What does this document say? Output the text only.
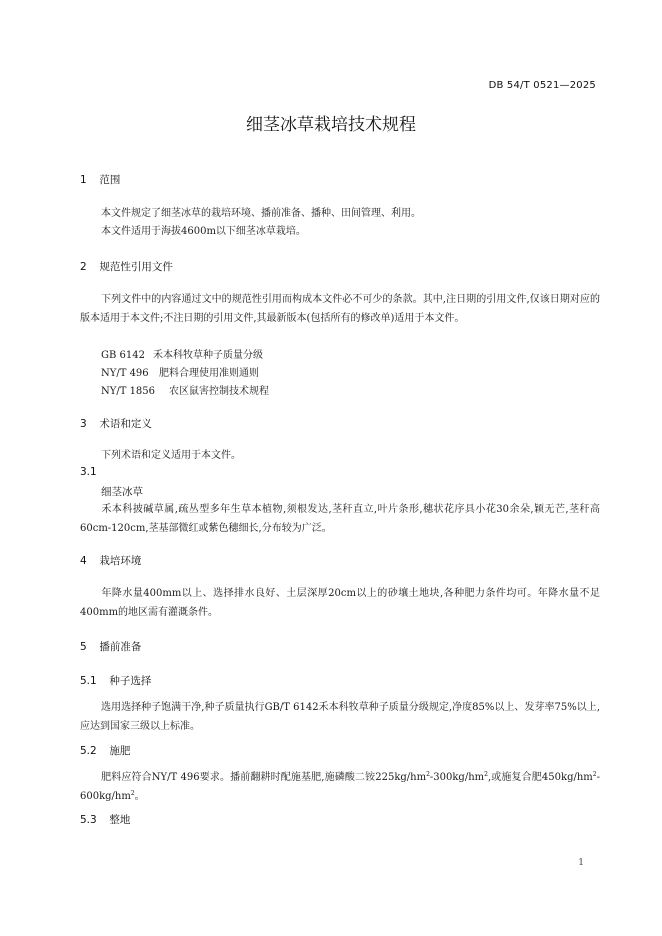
DB 54/T 0521—2025
细茎冰草栽培技术规程
1 范围
本文件规定了细茎冰草的栽培环境、播前准备、播种、田间管理、利用。
本文件适用于海拔4600m以下细茎冰草栽培。
2 规范性引用文件
下列文件中的内容通过文中的规范性引用而构成本文件必不可少的条款。其中,注日期的引用文件,仅该日期对应的版本适用于本文件;不注日期的引用文件,其最新版本(包括所有的修改单)适用于本文件。
GB 6142 禾本科牧草种子质量分级
NY/T 496 肥料合理使用准则通则
NY/T 1856 农区鼠害控制技术规程
3 术语和定义
下列术语和定义适用于本文件。
3.1
细茎冰草
禾本科披碱草属,疏丛型多年生草本植物,须根发达,茎秆直立,叶片条形,穗状花序具小花30余朵,颖无芒,茎秆高60cm-120cm,茎基部微红或紫色穗细长,分布较为广泛。
4 栽培环境
年降水量400mm以上、选择排水良好、土层深厚20cm以上的砂壤土地块,各种肥力条件均可。年降水量不足400mm的地区需有灌溉条件。
5 播前准备
5.1 种子选择
选用选择种子饱满干净,种子质量执行GB/T 6142禾本科牧草种子质量分级规定,净度85%以上、发芽率75%以上,应达到国家三级以上标准。
5.2 施肥
肥料应符合NY/T 496要求。播前翻耕时配施基肥,施磷酸二铵$225kg/hm^2-300kg/hm^2$,或施复合肥$450kg/hm^2-600kg/hm^2$。
5.3 整地
1
